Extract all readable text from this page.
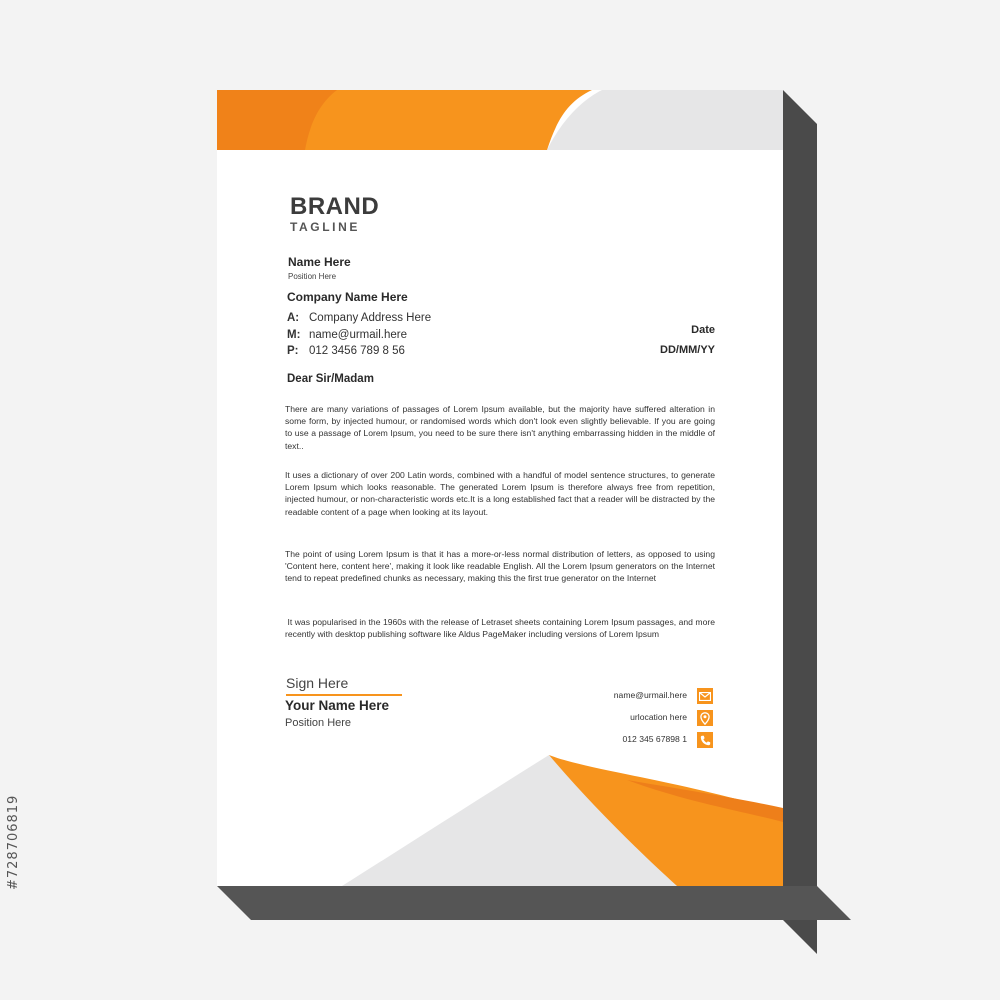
#728706819
BRAND
TAGLINE
Name Here
Position Here
Company Name Here
A: Company Address Here
M: name@urmail.here
P: 012 3456 789 8 56
Date
DD/MM/YY
Dear Sir/Madam
There are many variations of passages of Lorem Ipsum available, but the majority have suffered alteration in some form, by injected humour, or randomised words which don't look even slightly believable. If you are going to use a passage of Lorem Ipsum, you need to be sure there isn't anything embarrassing hidden in the middle of text..
It uses a dictionary of over 200 Latin words, combined with a handful of model sentence structures, to generate Lorem Ipsum which looks reasonable. The generated Lorem Ipsum is therefore always free from repetition, injected humour, or non-characteristic words etc.It is a long established fact that a reader will be distracted by the readable content of a page when looking at its layout.
The point of using Lorem Ipsum is that it has a more-or-less normal distribution of letters, as opposed to using 'Content here, content here', making it look like readable English. All the Lorem Ipsum generators on the Internet tend to repeat predefined chunks as necessary, making this the first true generator on the Internet
It was popularised in the 1960s with the release of Letraset sheets containing Lorem Ipsum passages, and more recently with desktop publishing software like Aldus PageMaker including versions of Lorem Ipsum
Sign Here
Your Name Here
Position Here
name@urmail.here
urlocation here
012 345 67898 1
